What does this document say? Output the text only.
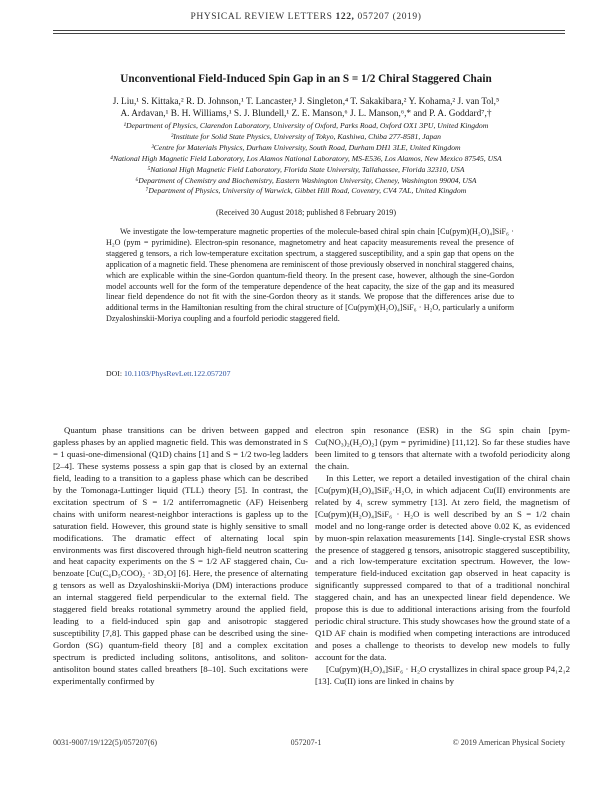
PHYSICAL REVIEW LETTERS 122, 057207 (2019)
Unconventional Field-Induced Spin Gap in an S = 1/2 Chiral Staggered Chain
J. Liu,¹ S. Kittaka,² R. D. Johnson,¹ T. Lancaster,³ J. Singleton,⁴ T. Sakakibara,² Y. Kohama,² J. van Tol,⁵
A. Ardavan,¹ B. H. Williams,¹ S. J. Blundell,¹ Z. E. Manson,⁶ J. L. Manson,⁶,* and P. A. Goddard⁷,†
¹Department of Physics, Clarendon Laboratory, University of Oxford, Parks Road, Oxford OX1 3PU, United Kingdom
²Institute for Solid State Physics, University of Tokyo, Kashiwa, Chiba 277-8581, Japan
³Centre for Materials Physics, Durham University, South Road, Durham DH1 3LE, United Kingdom
⁴National High Magnetic Field Laboratory, Los Alamos National Laboratory, MS-E536, Los Alamos, New Mexico 87545, USA
⁵National High Magnetic Field Laboratory, Florida State University, Tallahassee, Florida 32310, USA
⁶Department of Chemistry and Biochemistry, Eastern Washington University, Cheney, Washington 99004, USA
⁷Department of Physics, University of Warwick, Gibbet Hill Road, Coventry, CV4 7AL, United Kingdom
(Received 30 August 2018; published 8 February 2019)
We investigate the low-temperature magnetic properties of the molecule-based chiral spin chain [Cu(pym)(H₂O)₄]SiF₆ · H₂O (pym = pyrimidine). Electron-spin resonance, magnetometry and heat capacity measurements reveal the presence of staggered g tensors, a rich low-temperature excitation spectrum, a staggered susceptibility, and a spin gap that opens on the application of a magnetic field. These phenomena are reminiscent of those previously observed in nonchiral staggered chains, which are explicable within the sine-Gordon quantum-field theory. In the present case, however, although the sine-Gordon model accounts well for the form of the temperature dependence of the heat capacity, the size of the gap and its measured linear field dependence do not fit with the sine-Gordon theory as it stands. We propose that the differences arise due to additional terms in the Hamiltonian resulting from the chiral structure of [Cu(pym)(H₂O)₄]SiF₆ · H₂O, particularly a uniform Dzyaloshinskii-Moriya coupling and a fourfold periodic staggered field.
DOI: 10.1103/PhysRevLett.122.057207

Quantum phase transitions can be driven between gapped and gapless phases by an applied magnetic field. This was demonstrated in S = 1 quasi-one-dimensional (Q1D) chains [1] and S = 1/2 two-leg ladders [2–4]. These systems possess a spin gap that is closed by an external field, leading to a transition to a gapless phase which can be described by the Tomonaga-Luttinger liquid (TLL) theory [5]. In contrast, the excitation spectrum of S = 1/2 antiferromagnetic (AF) Heisenberg chains with uniform nearest-neighbor interactions is gapless up to the saturation field. However, this ground state is highly sensitive to small modifications. The dramatic effect of alternating local spin environments was first discovered through high-field neutron scattering and heat capacity experiments on the S = 1/2 AF staggered chain, Cu-benzoate [Cu(C₆D₅COO)₂ · 3D₂O] [6]. Here, the presence of alternating g tensors as well as Dzyaloshinskii-Moriya (DM) interactions produce an internal staggered field perpendicular to the external field. The staggered field breaks rotational symmetry around the applied field, leading to a field-induced spin gap and anisotropic staggered susceptibility [7,8]. This gapped phase can be described using the sine-Gordon (SG) quantum-field theory [8] and a complex excitation spectrum is predicted including solitons, antisolitons, and soliton-antisoliton bound states called breathers [8–10]. Such excitations were experimentally confirmed by

electron spin resonance (ESR) in the SG spin chain [pym-Cu(NO₃)₂(H₂O)₂] (pym = pyrimidine) [11,12]. So far these studies have been limited to g tensors that alternate with a twofold periodicity along the chain.

In this Letter, we report a detailed investigation of the chiral chain [Cu(pym)(H₂O)₄]SiF₆·H₂O, in which adjacent Cu(II) environments are related by 4₁ screw symmetry [13]. At zero field, the magnetism of [Cu(pym)(H₂O)₄]SiF₆ · H₂O is well described by an S = 1/2 chain model and no long-range order is detected above 0.02 K, as evidenced by muon-spin relaxation measurements [14]. Single-crystal ESR shows the presence of staggered g tensors, anisotropic staggered susceptibility, and a rich low-temperature excitation spectrum. However, the low-temperature field-induced excitation gap observed in heat capacity is significantly suppressed compared to that of a traditional nonchiral staggered chain, and has an unexpected linear field dependence. We propose this is due to additional interactions arising from the fourfold periodic chiral structure. This study showcases how the ground state of a Q1D AF chain is modified when competing interactions are introduced and poses a challenge to theorists to develop new models to fully account for the data.

[Cu(pym)(H₂O)₄]SiF₆ · H₂O crystallizes in chiral space group P4₁2₁2 [13]. Cu(II) ions are linked in chains by

0031-9007/19/122(5)/057207(6)	057207-1	© 2019 American Physical Society
